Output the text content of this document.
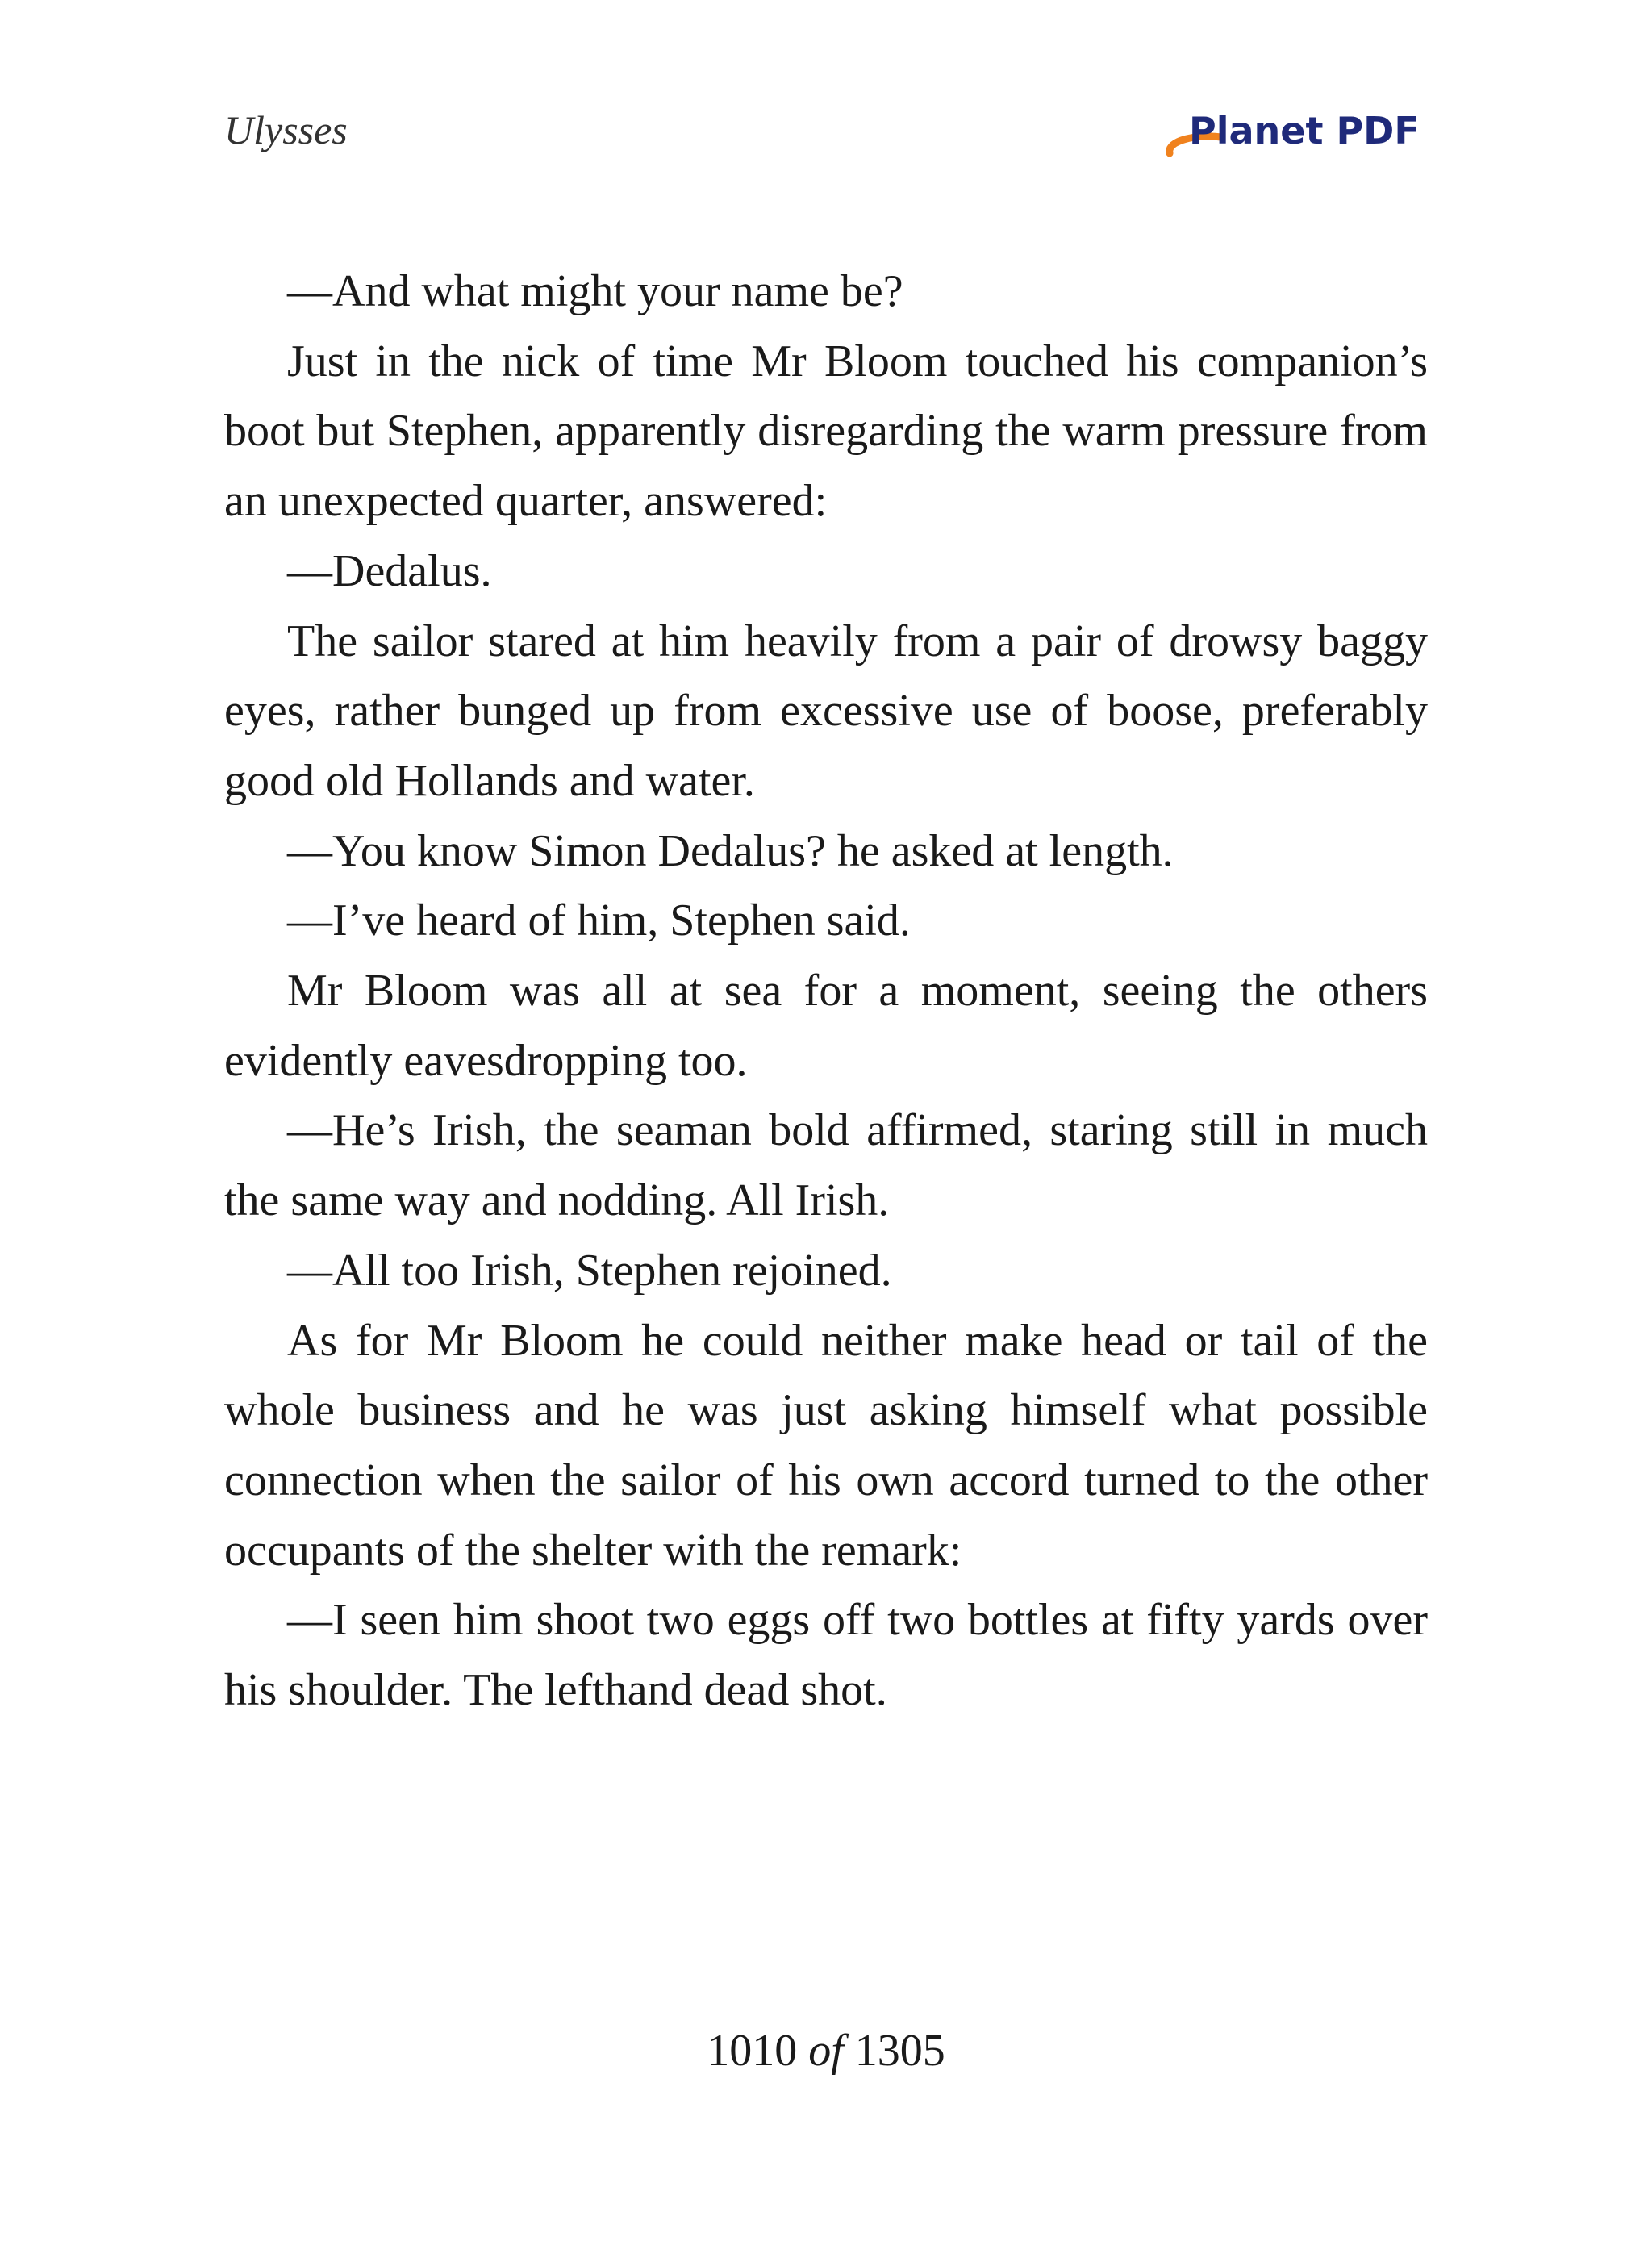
Ulysses	Planet PDF

—And what might your name be?

Just in the nick of time Mr Bloom touched his companion’s boot but Stephen, apparently disregarding the warm pressure from an unexpected quarter, answered:

—Dedalus.

The sailor stared at him heavily from a pair of drowsy baggy eyes, rather bunged up from excessive use of boose, preferably good old Hollands and water.

—You know Simon Dedalus? he asked at length.

—I’ve heard of him, Stephen said.

Mr Bloom was all at sea for a moment, seeing the others evidently eavesdropping too.

—He’s Irish, the seaman bold affirmed, staring still in much the same way and nodding. All Irish.

—All too Irish, Stephen rejoined.

As for Mr Bloom he could neither make head or tail of the whole business and he was just asking himself what possible connection when the sailor of his own accord turned to the other occupants of the shelter with the remark:

—I seen him shoot two eggs off two bottles at fifty yards over his shoulder. The lefthand dead shot.

1010 of 1305
